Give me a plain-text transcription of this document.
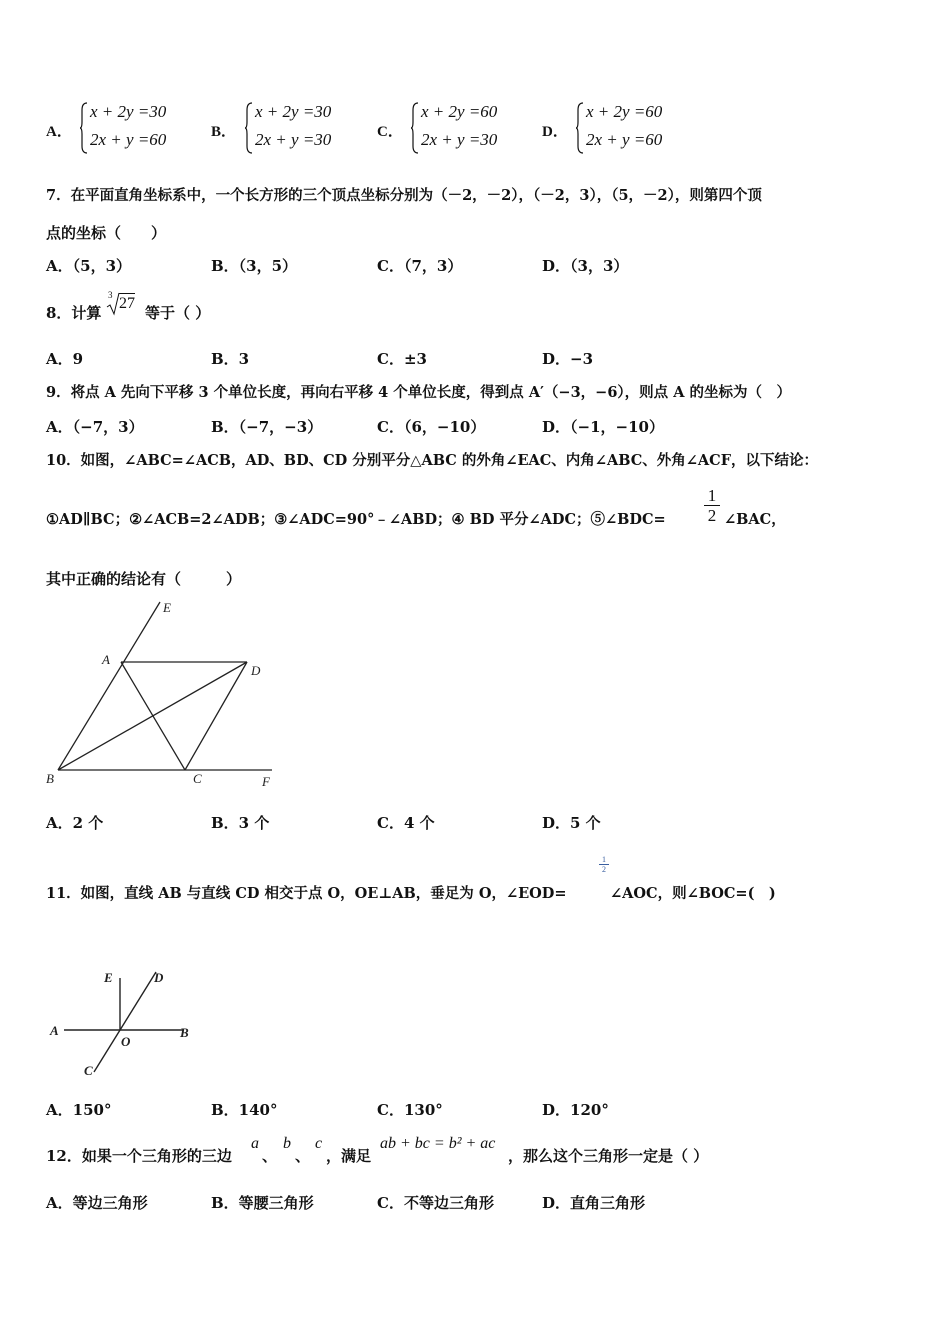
A．
x + 2y =30
2x + y =60	B．
x + 2y =30
2x + y =30	C．
x + 2y =60
2x + y =30	D．
x + 2y =60
2x + y =60
7．在平面直角坐标系中，一个长方形的三个顶点坐标分别为（－2，－2），（－2，3），（5，－2），则第四个顶
点的坐标（　　）
A．（5，3）	B．（3，5）	C．（7，3）	D．（3，3）
8．计算
3 27
等于（ ）
A．9	B．3	C．±3	D．−3
9．将点 A 先向下平移 3 个单位长度，再向右平移 4 个单位长度，得到点 A′（−3，−6），则点 A 的坐标为（　）
A．（−7，3）	B．（−7，−3）	C．（6，−10）	D．（−1，−10）
10．如图，∠ABC=∠ACB，AD、BD、CD 分别平分△ABC 的外角∠EAC、内角∠ABC、外角∠ACF，以下结论：
①AD∥BC；②∠ACB=2∠ADB；③∠ADC=90°﹣∠ABD；④ BD 平分∠ADC；⑤∠BDC= $\frac{1}{2}$ ∠BAC，
其中正确的结论有（　　　）
E
A
D
B	C	F
A．2 个	B．3 个	C．4 个	D．5 个
11．如图，直线 AB 与直线 CD 相交于点 O，OE⊥AB，垂足为 O，∠EOD=
$\frac{1}{2}$
∠AOC，则∠BOC=(　)
E	D
A
O
B
C
A．150°	B．140°	C．130°	D．120°
12．如果一个三角形的三边
a
、
b
、
c
，满足
ab + bc = b² + ac
，那么这个三角形一定是（ ）
A．等边三角形	B．等腰三角形	C．不等边三角形	D．直角三角形
